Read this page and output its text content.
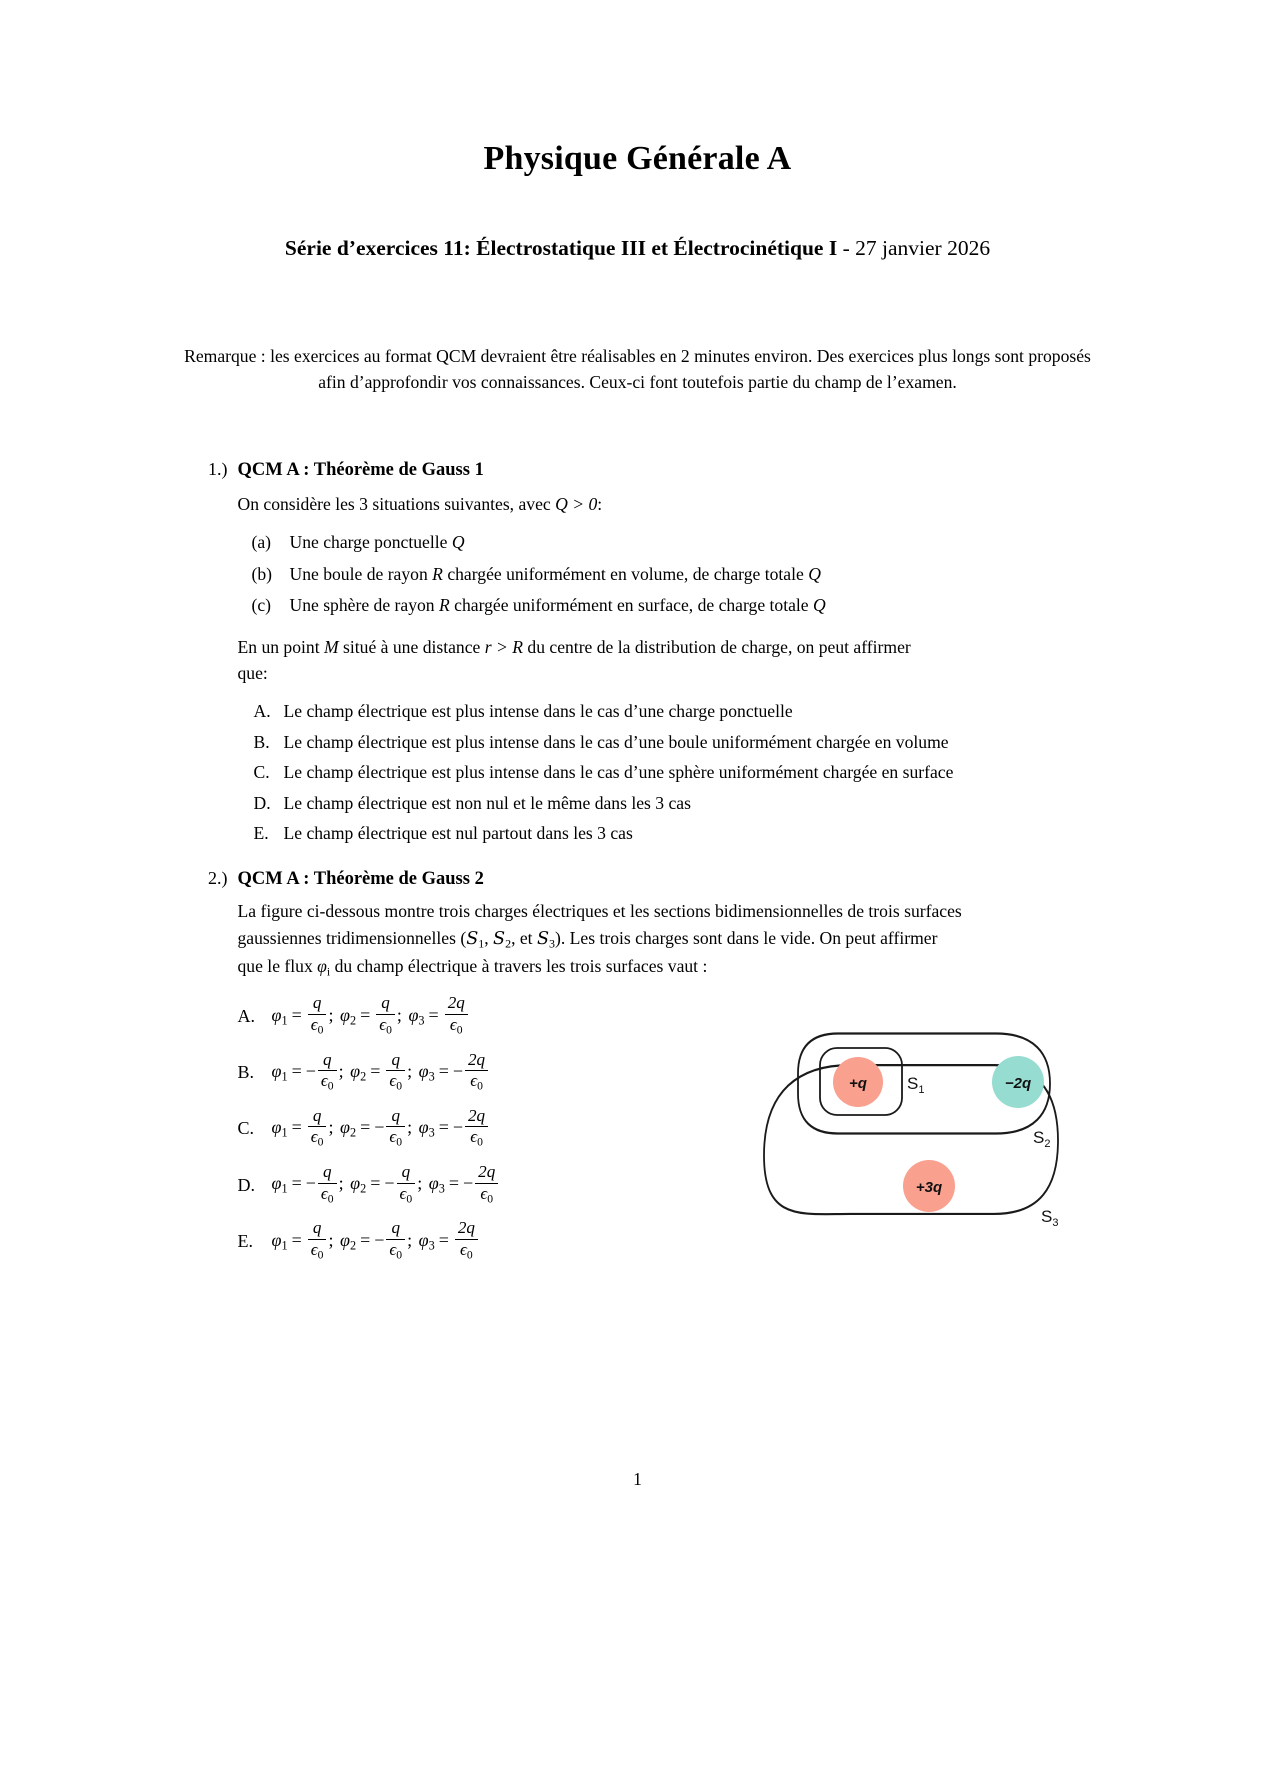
Physique Générale A
Série d’exercices 11: Électrostatique III et Électrocinétique I - 27 janvier 2026
Remarque : les exercices au format QCM devraient être réalisables en 2 minutes environ. Des exercices plus longs sont proposés afin d’approfondir vos connaissances. Ceux-ci font toutefois partie du champ de l’examen.
1.) QCM A : Théorème de Gauss 1
On considère les 3 situations suivantes, avec Q > 0:
(a)	Une charge ponctuelle Q
(b) Une boule de rayon R chargée uniformément en volume, de charge totale Q
(c)	Une sphère de rayon R chargée uniformément en surface, de charge totale Q
En un point M situé à une distance r > R du centre de la distribution de charge, on peut affirmer
que:
A. Le champ électrique est plus intense dans le cas d’une charge ponctuelle
B. Le champ électrique est plus intense dans le cas d’une boule uniformément chargée en volume
C. Le champ électrique est plus intense dans le cas d’une sphère uniformément chargée en surface
D. Le champ électrique est non nul et le même dans les 3 cas
E. Le champ électrique est nul partout dans les 3 cas
2.) QCM A : Théorème de Gauss 2
La figure ci-dessous montre trois charges électriques et les sections bidimensionnelles de trois surfaces
gaussiennes tridimensionnelles ($S_1$, $S_2$, et $S_3$). Les trois charges sont dans le vide. On peut affirmer
que le flux $\varphi_i$ du champ électrique à travers les trois surfaces vaut :
A. $\varphi_1 = \frac{q}{\epsilon_0}$ ; $\varphi_2 = \frac{q}{\epsilon_0}$ ; $\varphi_3 = \frac{2q}{\epsilon_0}$
B. $\varphi_1$ = − $\frac{q}{\epsilon_0}$ ; $\varphi_2 = \frac{q}{\epsilon_0}$ ; $\varphi_3$ = − $\frac{2q}{\epsilon_0}$
C. $\varphi_1 = \frac{q}{\epsilon_0}$ ; $\varphi_2$ = − $\frac{q}{\epsilon_0}$ ; $\varphi_3$ = − $\frac{2q}{\epsilon_0}$
D. $\varphi_1$ = − $\frac{q}{\epsilon_0}$ ; $\varphi_2$ = − $\frac{q}{\epsilon_0}$ ; $\varphi_3$ = − $\frac{2q}{\epsilon_0}$
E.	$\varphi_1 = \frac{q}{\epsilon_0}$ ; $\varphi_2$ = − $\frac{q}{\epsilon_0}$ ; $\varphi_3 = \frac{2q}{\epsilon_0}$
+q	−2q
+3q
$S_1$
$S_2$
$S_3$
1
